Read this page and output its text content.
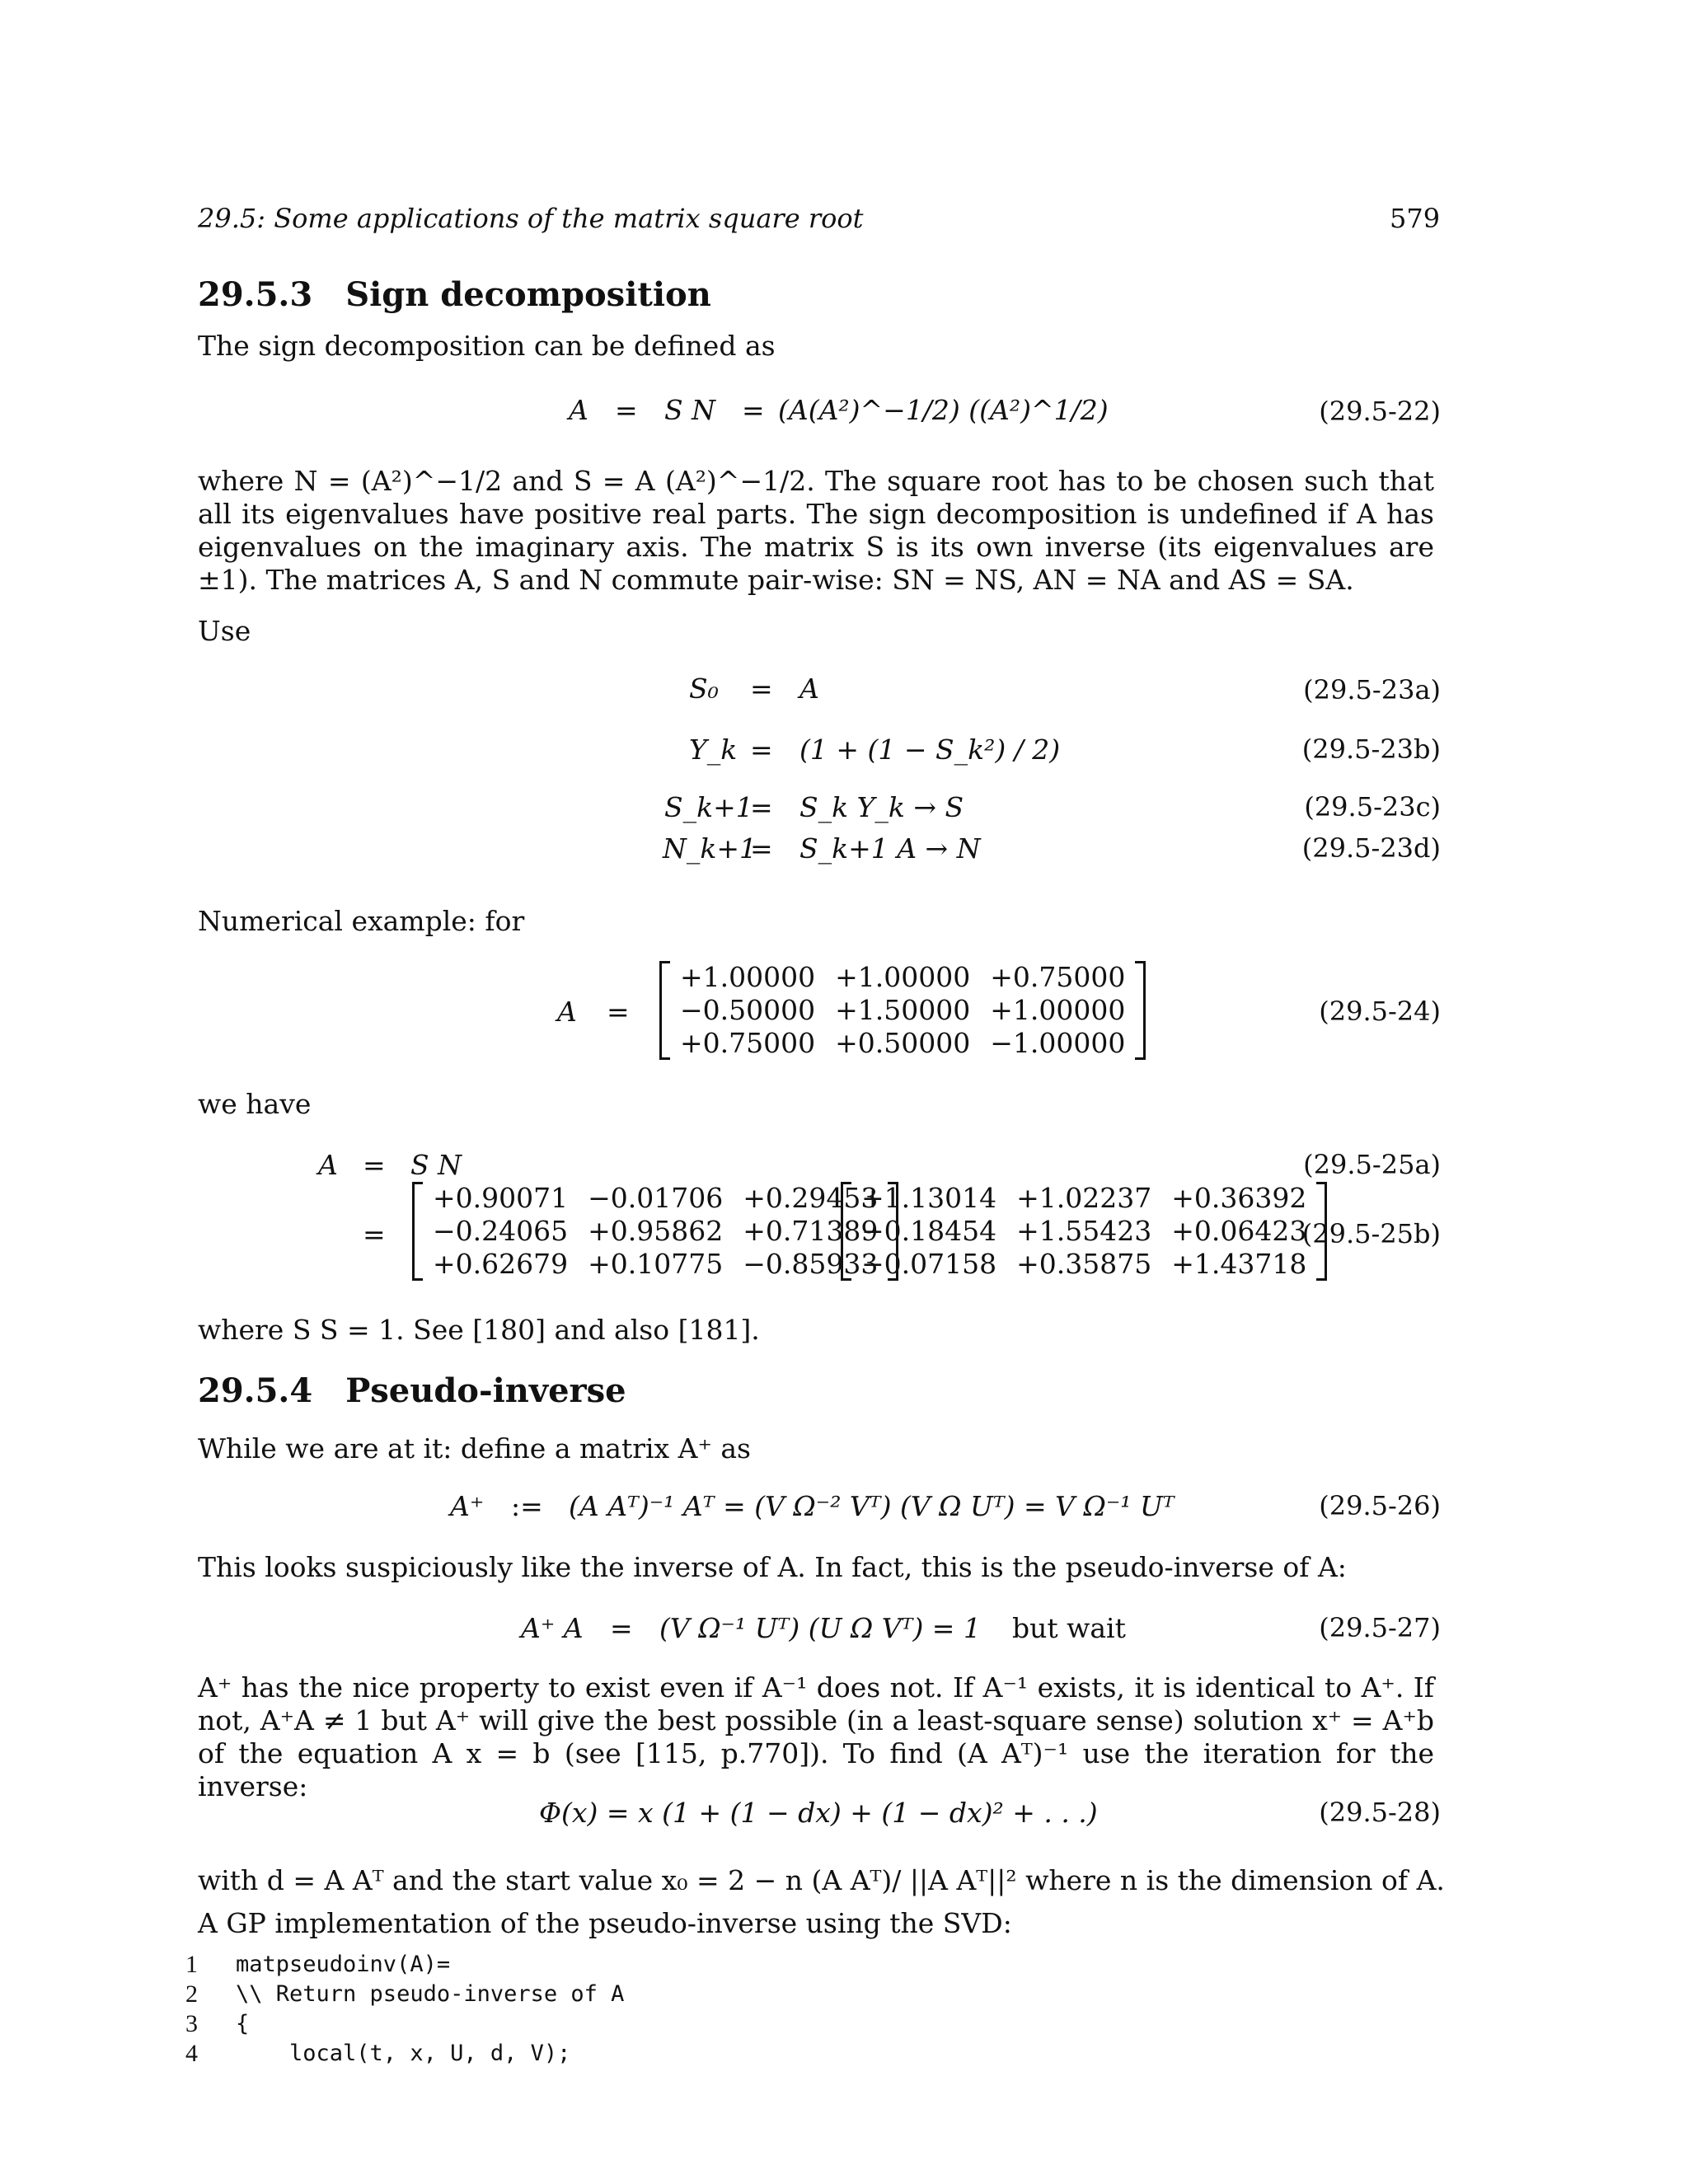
29.5: Some applications of the matrix square root	579
29.5.3 Sign decomposition
The sign decomposition can be defined as
A = S N = (A(A²)^−1/2) ((A²)^1/2)	(29.5-22)
where N = (A²)^−1/2 and S = A (A²)^−1/2. The square root has to be chosen such that all its eigenvalues have positive real parts. The sign decomposition is undefined if A has eigenvalues on the imaginary axis. The matrix S is its own inverse (its eigenvalues are ±1). The matrices A, S and N commute pair-wise: SN = NS, AN = NA and AS = SA.
Use
S₀ = A	(29.5-23a)
Y_k = (1 + (1 − S_k²) / 2)	(29.5-23b)
S_k+1
= S_k Y_k → S	(29.5-23c)
N_k+1
= S_k+1 A → N	(29.5-23d)
Numerical example: for
A =
+1.00000 +1.00000 +0.75000
−0.50000 +1.50000 +1.00000
+0.75000 +0.50000 −1.00000
(29.5-24)
we have
A = S N	(29.5-25a)
=
+0.90071 −0.01706 +0.29453
−0.24065 +0.95862 +0.71389
+0.62679 +0.10775 −0.85933
+1.13014 +1.02237 +0.36392
−0.18454 +1.55423 +0.06423
−0.07158 +0.35875 +1.43718
(29.5-25b)
where S S = 1. See [180] and also [181].
29.5.4 Pseudo-inverse
While we are at it: define a matrix A⁺ as
A⁺ := (A Aᵀ)⁻¹ Aᵀ = (V Ω⁻² Vᵀ) (V Ω Uᵀ) = V Ω⁻¹ Uᵀ	(29.5-26)
This looks suspiciously like the inverse of A. In fact, this is the pseudo-inverse of A:
A⁺ A = (V Ω⁻¹ Uᵀ) (U Ω Vᵀ) = 1 but wait	(29.5-27)
A⁺ has the nice property to exist even if A⁻¹ does not. If A⁻¹ exists, it is identical to A⁺. If not, A⁺A ≠ 1 but A⁺ will give the best possible (in a least-square sense) solution x⁺ = A⁺b of the equation A x = b (see [115, p.770]). To find (A Aᵀ)⁻¹ use the iteration for the inverse:
Φ(x) = x (1 + (1 − dx) + (1 − dx)² + . . .)	(29.5-28)
with d = A Aᵀ and the start value x₀ = 2 − n (A Aᵀ)/ ||A Aᵀ||² where n is the dimension of A.
A GP implementation of the pseudo-inverse using the SVD:
1 matpseudoinv(A)=
2 \\ Return pseudo-inverse of A
3 {
4 local(t, x, U, d, V);
